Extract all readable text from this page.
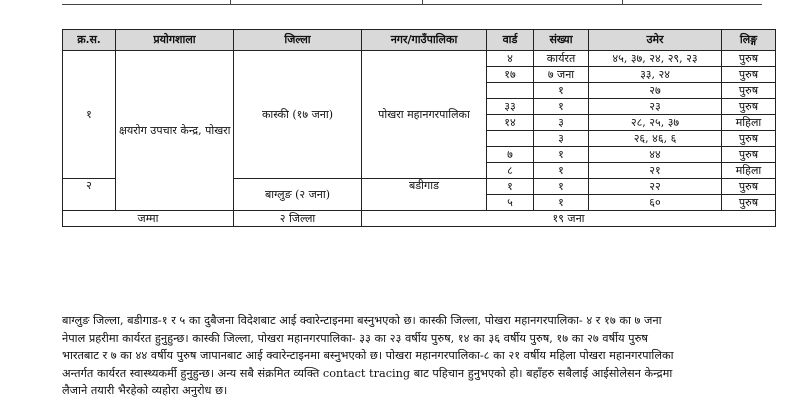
क्र.स.	प्रयोगशाला	जिल्ला	नगर/गाउँपालिका	वार्ड	संख्या	उमेर	लिङ्ग
१	क्षयरोग उपचार केन्द्र, पोखरा	कास्की (१७ जना)	पोखरा महानगरपालिका	४	कार्यरत	४५, ३७, २४, २९, २३	पुरुष
				१७	७ जना	३३, २४	पुरुष
					१	२७	पुरुष
				३३	१	२३	पुरुष
				१४	३	२८, २५, ३७	महिला
					३	२६, ४६, ६	पुरुष
				७	१	४४	पुरुष
				८	१	२१	महिला
२		बाग्लुङ (२ जना)	बडीगाड	१	१	२२	पुरुष
				५	१	६०	पुरुष
जम्मा		२ जिल्ला	१९ जना				

बाग्लुङ जिल्ला, बडीगाड-१ र ५ का दुबैजना विदेशबाट आई क्वारेन्टाइनमा बस्नुभएको छ। कास्की जिल्ला, पोखरा महानगरपालिका- ४ र १७ का ७ जना

नेपाल प्रहरीमा कार्यरत हुनुहुन्छ। कास्की जिल्ला, पोखरा महानगरपालिका- ३३ का २३ वर्षीय पुरुष, १४ का ३६ वर्षीय पुरुष, १७ का २७ वर्षीय पुरुष

भारतबाट र ७ का ४४ वर्षीय पुरुष जापानबाट आई क्वारेन्टाइनमा बस्नुभएको छ। पोखरा महानगरपालिका-८ का २१ वर्षीय महिला पोखरा महानगरपालिका

अन्तर्गत कार्यरत स्वास्थ्यकर्मी हुनुहुन्छ। अन्य सबै संक्रमित व्यक्ति contact tracing बाट पहिचान हुनुभएको हो। बहाँहरु सबैलाई आईसोलेसन केन्द्रमा

लैजाने तयारी भैरहेको व्यहोरा अनुरोध छ।
